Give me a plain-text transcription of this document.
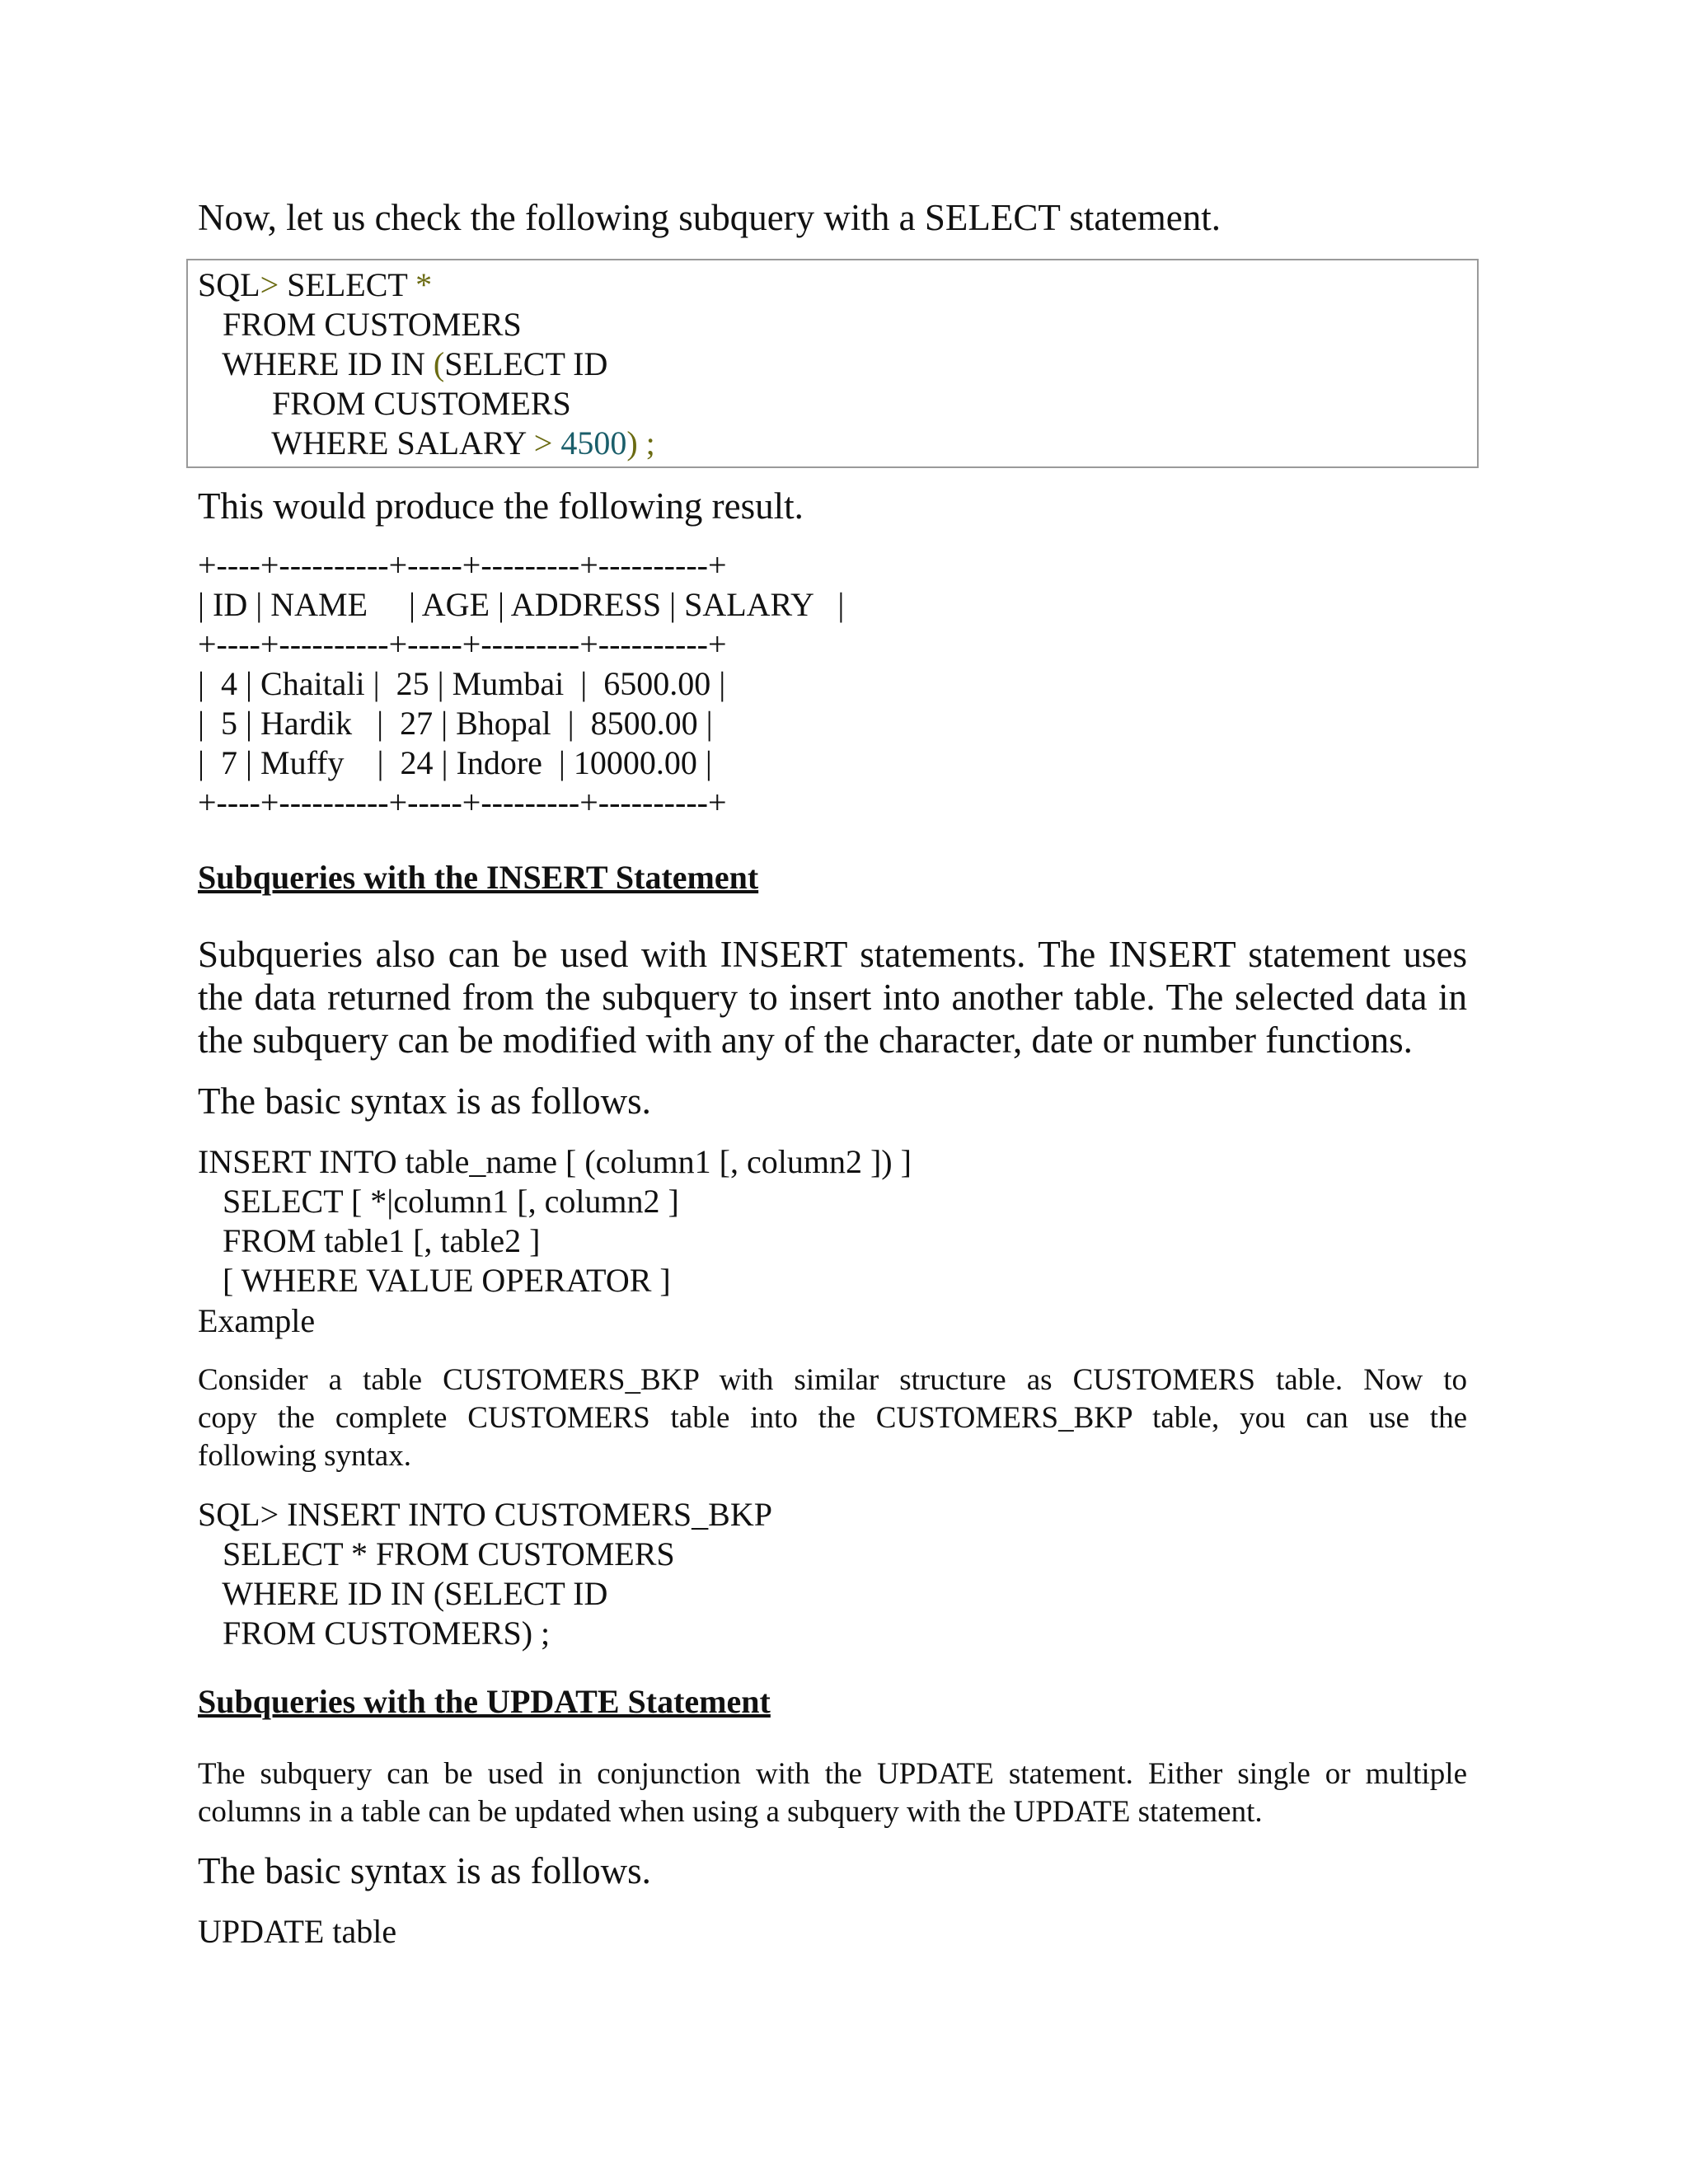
Now, let us check the following subquery with a SELECT statement.
SQL> SELECT *
FROM CUSTOMERS
WHERE ID IN (SELECT ID
FROM CUSTOMERS
WHERE SALARY > 4500) ;
This would produce the following result.
+----+----------+-----+---------+----------+
| ID | NAME     | AGE | ADDRESS | SALARY   |
+----+----------+-----+---------+----------+
|  4 | Chaitali |  25 | Mumbai  |  6500.00 |
|  5 | Hardik   |  27 | Bhopal  |  8500.00 |
|  7 | Muffy    |  24 | Indore  | 10000.00 |
+----+----------+-----+---------+----------+
Subqueries with the INSERT Statement
Subqueries also can be used with INSERT statements. The INSERT statement uses
the data returned from the subquery to insert into another table. The selected data in
the subquery can be modified with any of the character, date or number functions.
The basic syntax is as follows.
INSERT INTO table_name [ (column1 [, column2 ]) ]
SELECT [ *|column1 [, column2 ]
FROM table1 [, table2 ]
[ WHERE VALUE OPERATOR ]
Example
Consider a table CUSTOMERS_BKP with similar structure as CUSTOMERS table. Now to
copy the complete CUSTOMERS table into the CUSTOMERS_BKP table, you can use the
following syntax.
SQL> INSERT INTO CUSTOMERS_BKP
SELECT * FROM CUSTOMERS
WHERE ID IN (SELECT ID
FROM CUSTOMERS) ;
Subqueries with the UPDATE Statement
The subquery can be used in conjunction with the UPDATE statement. Either single or multiple
columns in a table can be updated when using a subquery with the UPDATE statement.
The basic syntax is as follows.
UPDATE table
